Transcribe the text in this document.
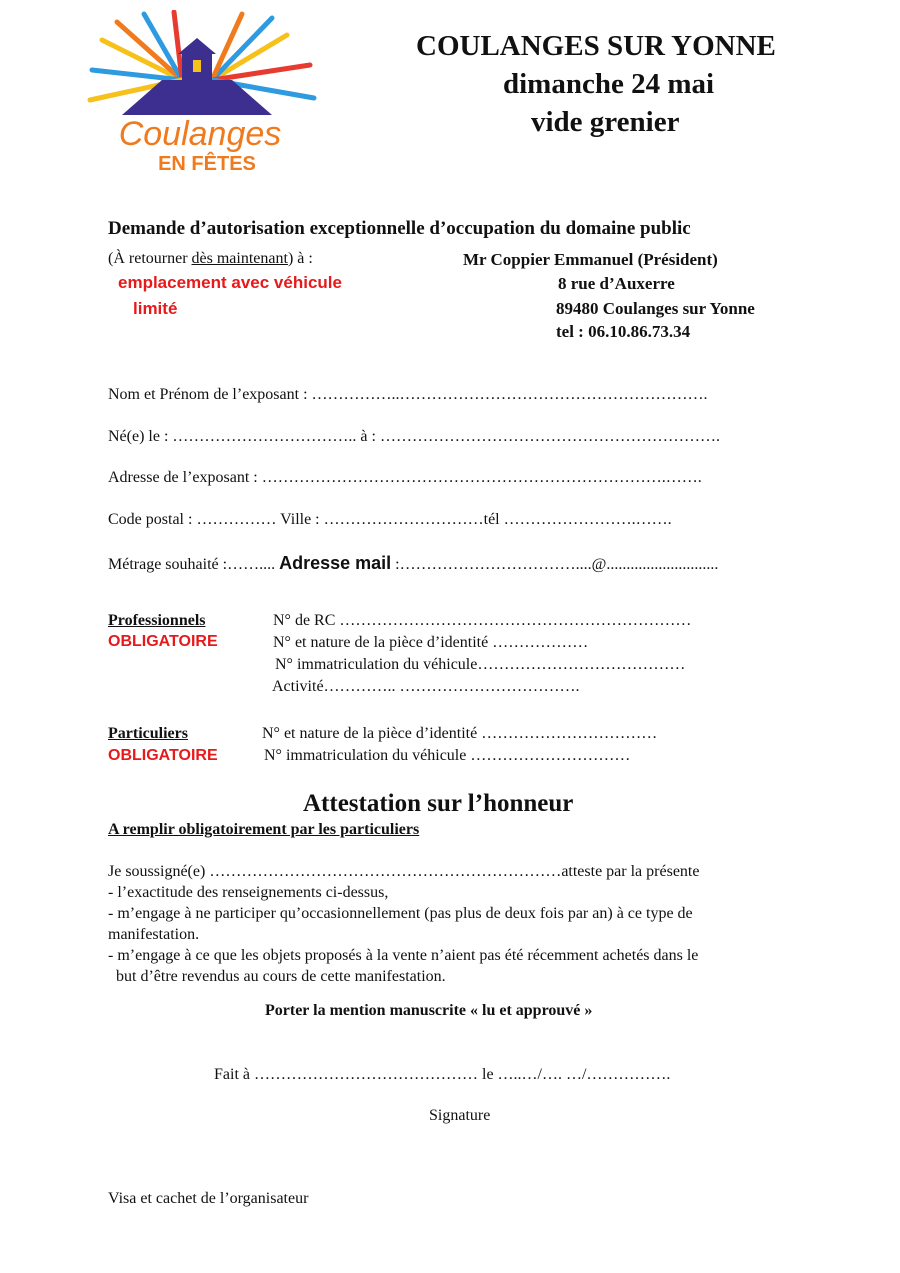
Coulanges
EN FÊTES
COULANGES SUR YONNE
dimanche 24 mai
vide grenier
Demande d’autorisation exceptionnelle d’occupation du domaine public
(À retourner dès maintenant) à :
emplacement avec véhicule
limité
Mr Coppier Emmanuel (Président)
8 rue d’Auxerre
89480 Coulanges sur Yonne
tel : 06.10.86.73.34
Nom et Prénom de l’exposant : ……………..………………………………………………….
Né(e) le : …………………………….. à : ……………………………………………………….
Adresse de l’exposant : ………………………………………………………………….…….
Code postal : …………… Ville : …………………………tél …………………….…….
Métrage souhaité :…….... Adresse mail :……………………………....@............................
Professionnels
OBLIGATOIRE
N° de RC …………………………………………………………
N° et nature de la pièce d’identité ………………
N° immatriculation du véhicule…………………………………
Activité………….. …………………………….
Particuliers
OBLIGATOIRE
N° et nature de la pièce d’identité ……………………………
N° immatriculation du véhicule …………………………
Attestation sur l’honneur
A remplir obligatoirement par les particuliers
Je soussigné(e) …………………………………………………………atteste par la présente
- l’exactitude des renseignements ci-dessus,
- m’engage à ne participer qu’occasionnellement (pas plus de deux fois par an) à ce type de
manifestation.
- m’engage à ce que les objets proposés à la vente n’aient pas été récemment achetés dans le
but d’être revendus au cours de cette manifestation.
Porter la mention manuscrite « lu et approuvé »
Fait à …………………………………… le …..…/…. …/…………….
Signature
Visa et cachet de l’organisateur
